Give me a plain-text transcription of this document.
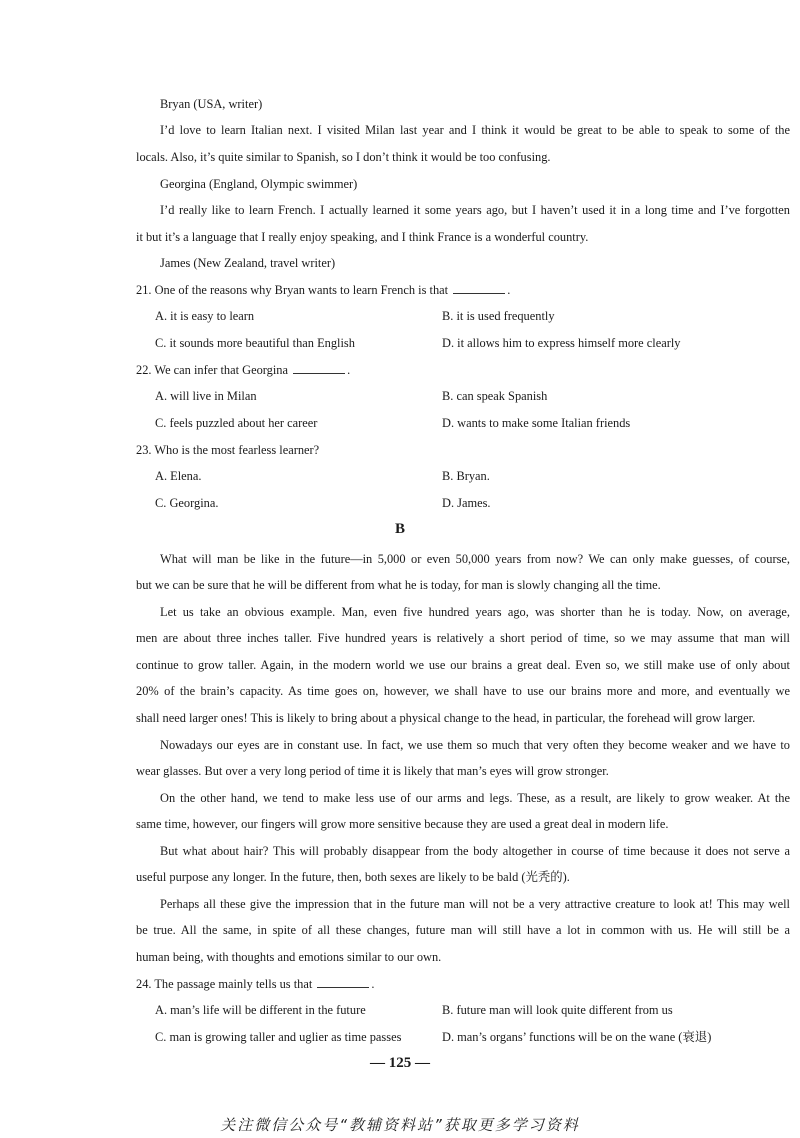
Bryan (USA, writer)
I’d love to learn Italian next. I visited Milan last year and I think it would be great to be able to speak to some of the
locals. Also, it’s quite similar to Spanish, so I don’t think it would be too confusing.
Georgina (England, Olympic swimmer)
I’d really like to learn French. I actually learned it some years ago, but I haven’t used it in a long time and I’ve forgotten
it but it’s a language that I really enjoy speaking, and I think France is a wonderful country.
James (New Zealand, travel writer)
21. One of the reasons why Bryan wants to learn French is that	.
A. it is easy to learn	B. it is used frequently
C. it sounds more beautiful than English	D. it allows him to express himself more clearly
22. We can infer that Georgina	.
A. will live in Milan	B. can speak Spanish
C. feels puzzled about her career	D. wants to make some Italian friends
23. Who is the most fearless learner?
A. Elena.	B. Bryan.
C. Georgina.	D. James.
B
What will man be like in the future—in 5,000 or even 50,000 years from now? We can only make guesses, of course,
but we can be sure that he will be different from what he is today, for man is slowly changing all the time.
Let us take an obvious example. Man, even five hundred years ago, was shorter than he is today. Now, on average,
men are about three inches taller. Five hundred years is relatively a short period of time, so we may assume that man will
continue to grow taller. Again, in the modern world we use our brains a great deal. Even so, we still make use of only about
20% of the brain’s capacity. As time goes on, however, we shall have to use our brains more and more, and eventually we
shall need larger ones! This is likely to bring about a physical change to the head, in particular, the forehead will grow larger.
Nowadays our eyes are in constant use. In fact, we use them so much that very often they become weaker and we have to
wear glasses. But over a very long period of time it is likely that man’s eyes will grow stronger.
On the other hand, we tend to make less use of our arms and legs. These, as a result, are likely to grow weaker. At the
same time, however, our fingers will grow more sensitive because they are used a great deal in modern life.
But what about hair? This will probably disappear from the body altogether in course of time because it does not serve a
useful purpose any longer. In the future, then, both sexes are likely to be bald (光秃的).
Perhaps all these give the impression that in the future man will not be a very attractive creature to look at! This may well
be true. All the same, in spite of all these changes, future man will still have a lot in common with us. He will still be a
human being, with thoughts and emotions similar to our own.
24. The passage mainly tells us that	.
A. man’s life will be different in the future	B. future man will look quite different from us
C. man is growing taller and uglier as time passes	D. man’s organs’ functions will be on the wane (衰退)
— 125 —
关注微信公众号“教辅资料站”获取更多学习资料
